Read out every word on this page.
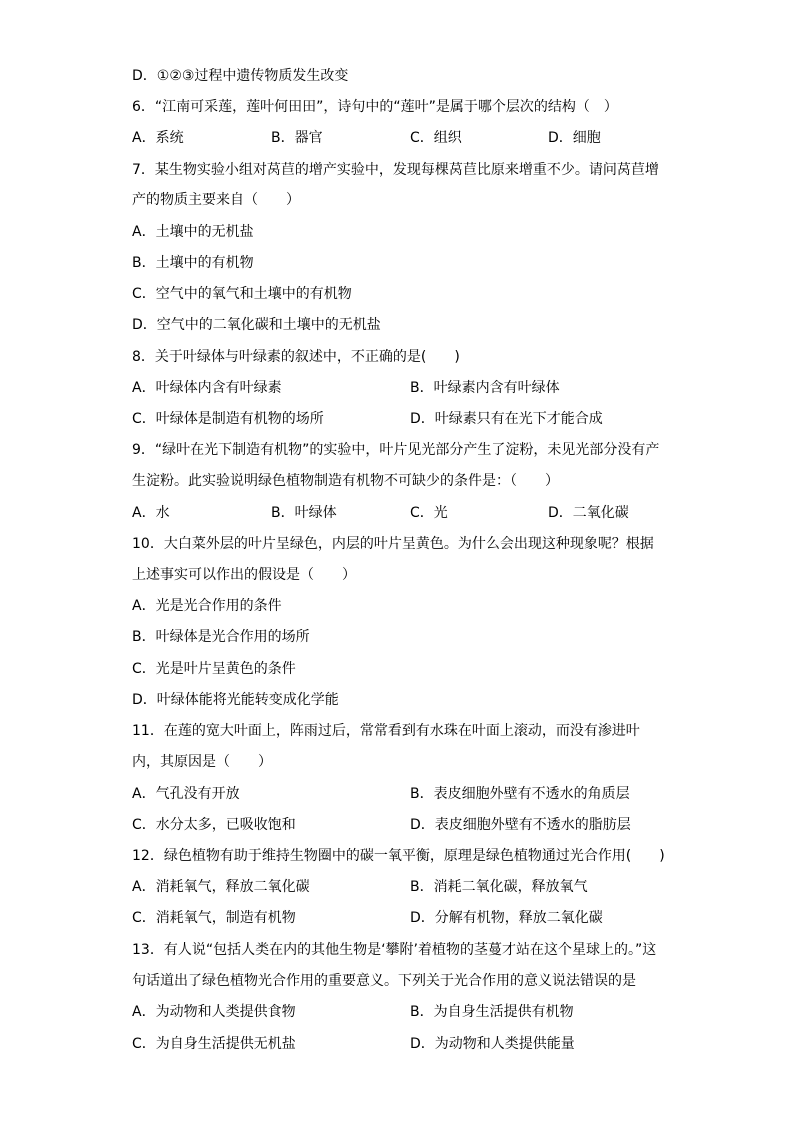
D．①②③过程中遗传物质发生改变
6．“江南可采莲，莲叶何田田”，诗句中的“莲叶”是属于哪个层次的结构（　）
A．系统	B．器官	C．组织	D．细胞
7．某生物实验小组对莴苣的增产实验中，发现每棵莴苣比原来增重不少。请问莴苣增
产的物质主要来自（　　）
A．土壤中的无机盐
B．土壤中的有机物
C．空气中的氧气和土壤中的有机物
D．空气中的二氧化碳和土壤中的无机盐
8．关于叶绿体与叶绿素的叙述中，不正确的是(　　)
A．叶绿体内含有叶绿素	B．叶绿素内含有叶绿体
C．叶绿体是制造有机物的场所	D．叶绿素只有在光下才能合成
9．“绿叶在光下制造有机物”的实验中，叶片见光部分产生了淀粉，未见光部分没有产
生淀粉。此实验说明绿色植物制造有机物不可缺少的条件是：（　　）
A．水	B．叶绿体	C．光	D．二氧化碳
10．大白菜外层的叶片呈绿色，内层的叶片呈黄色。为什么会出现这种现象呢？根据
上述事实可以作出的假设是（　　）
A．光是光合作用的条件
B．叶绿体是光合作用的场所
C．光是叶片呈黄色的条件
D．叶绿体能将光能转变成化学能
11．在莲的宽大叶面上，阵雨过后，常常看到有水珠在叶面上滚动，而没有渗进叶
内，其原因是（　　）
A．气孔没有开放	B．表皮细胞外壁有不透水的角质层
C．水分太多，已吸收饱和	D．表皮细胞外壁有不透水的脂肪层
12．绿色植物有助于维持生物圈中的碳一氧平衡，原理是绿色植物通过光合作用(　　)
A．消耗氧气，释放二氧化碳	B．消耗二氧化碳，释放氧气
C．消耗氧气，制造有机物	D．分解有机物，释放二氧化碳
13．有人说“包括人类在内的其他生物是‘攀附’着植物的茎蔓才站在这个星球上的。”这
句话道出了绿色植物光合作用的重要意义。下列关于光合作用的意义说法错误的是
A．为动物和人类提供食物	B．为自身生活提供有机物
C．为自身生活提供无机盐	D．为动物和人类提供能量
